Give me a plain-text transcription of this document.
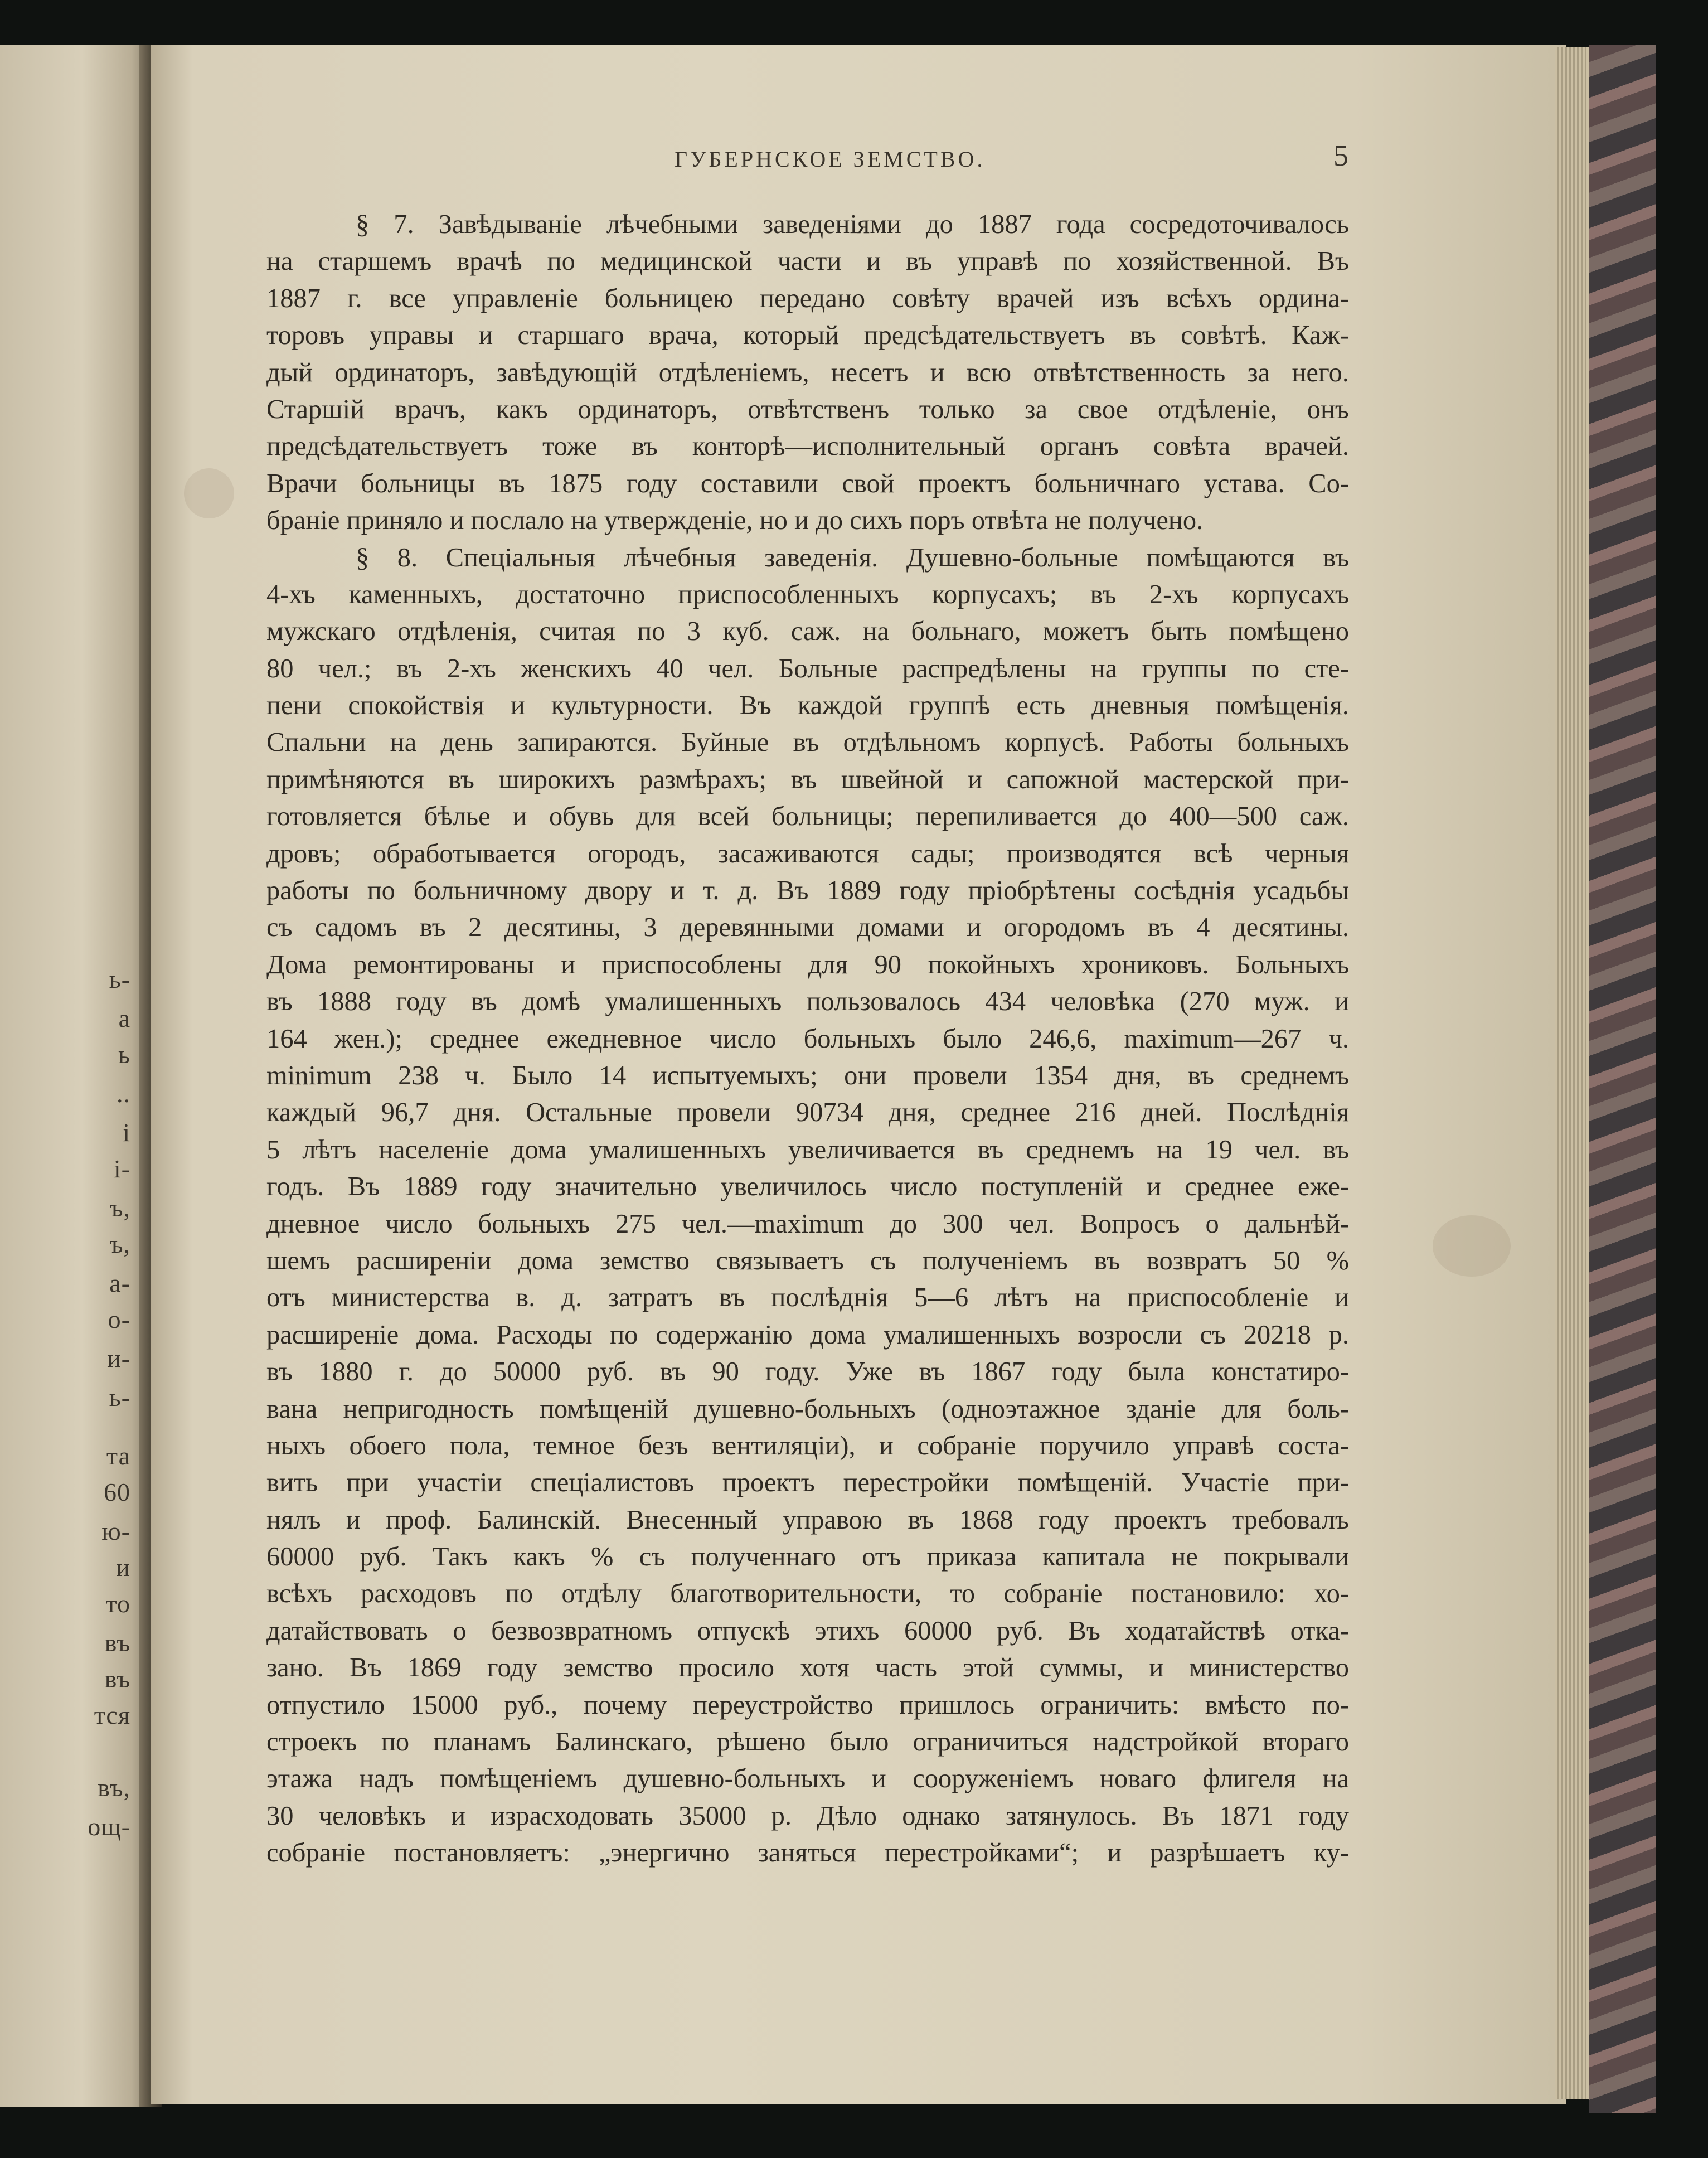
ь-
а
ь
..
і
і-
ъ,
ъ,
а-
о-
и-
ь-
та
60
ю-
и
то
въ
въ
тся
въ,
ощ-
ГУБЕРНСКОЕ ЗЕМСТВО.	5
§ 7. Завѣдываніе лѣчебными заведеніями до 1887 года сосредоточивалось
на старшемъ врачѣ по медицинской части и въ управѣ по хозяйственной. Въ
1887 г. все управленіе больницею передано совѣту врачей изъ всѣхъ ордина-
торовъ управы и старшаго врача, который предсѣдательствуетъ въ совѣтѣ. Каж-
дый ординаторъ, завѣдующій отдѣленіемъ, несетъ и всю отвѣтственность за него.
Старшій врачъ, какъ ординаторъ, отвѣтственъ только за свое отдѣленіе, онъ
предсѣдательствуетъ тоже въ конторѣ—исполнительный органъ совѣта врачей.
Врачи больницы въ 1875 году составили свой проектъ больничнаго устава. Со-
браніе приняло и послало на утвержденіе, но и до сихъ поръ отвѣта не получено.
§ 8. Спеціальныя лѣчебныя заведенія. Душевно-больные помѣщаются въ
4-хъ каменныхъ, достаточно приспособленныхъ корпусахъ; въ 2-хъ корпусахъ
мужскаго отдѣленія, считая по 3 куб. саж. на больнаго, можетъ быть помѣщено
80 чел.; въ 2-хъ женскихъ 40 чел. Больные распредѣлены на группы по сте-
пени спокойствія и культурности. Въ каждой группѣ есть дневныя помѣщенія.
Спальни на день запираются. Буйные въ отдѣльномъ корпусѣ. Работы больныхъ
примѣняются въ широкихъ размѣрахъ; въ швейной и сапожной мастерской при-
готовляется бѣлье и обувь для всей больницы; перепиливается до 400—500 саж.
дровъ; обработывается огородъ, засаживаются сады; производятся всѣ черныя
работы по больничному двору и т. д. Въ 1889 году пріобрѣтены сосѣднія усадьбы
съ садомъ въ 2 десятины, 3 деревянными домами и огородомъ въ 4 десятины.
Дома ремонтированы и приспособлены для 90 покойныхъ хрониковъ. Больныхъ
въ 1888 году въ домѣ умалишенныхъ пользовалось 434 человѣка (270 муж. и
164 жен.); среднее ежедневное число больныхъ было 246,6, maximum—267 ч.
minimum 238 ч. Было 14 испытуемыхъ; они провели 1354 дня, въ среднемъ
каждый 96,7 дня. Остальные провели 90734 дня, среднее 216 дней. Послѣднія
5 лѣтъ населеніе дома умалишенныхъ увеличивается въ среднемъ на 19 чел. въ
годъ. Въ 1889 году значительно увеличилось число поступленій и среднее еже-
дневное число больныхъ 275 чел.—maximum до 300 чел. Вопросъ о дальнѣй-
шемъ расширеніи дома земство связываетъ съ полученіемъ въ возвратъ 50 %
отъ министерства в. д. затратъ въ послѣднія 5—6 лѣтъ на приспособленіе и
расширеніе дома. Расходы по содержанію дома умалишенныхъ возросли съ 20218 р.
въ 1880 г. до 50000 руб. въ 90 году. Уже въ 1867 году была констатиро-
вана непригодность помѣщеній душевно-больныхъ (одноэтажное зданіе для боль-
ныхъ обоего пола, темное безъ вентиляціи), и собраніе поручило управѣ соста-
вить при участіи спеціалистовъ проектъ перестройки помѣщеній. Участіе при-
нялъ и проф. Балинскій. Внесенный управою въ 1868 году проектъ требовалъ
60000 руб. Такъ какъ % съ полученнаго отъ приказа капитала не покрывали
всѣхъ расходовъ по отдѣлу благотворительности, то собраніе постановило: хо-
датайствовать о безвозвратномъ отпускѣ этихъ 60000 руб. Въ ходатайствѣ отка-
зано. Въ 1869 году земство просило хотя часть этой суммы, и министерство
отпустило 15000 руб., почему переустройство пришлось ограничить: вмѣсто по-
строекъ по планамъ Балинскаго, рѣшено было ограничиться надстройкой втораго
этажа надъ помѣщеніемъ душевно-больныхъ и сооруженіемъ новаго флигеля на
30 человѣкъ и израсходовать 35000 р. Дѣло однако затянулось. Въ 1871 году
собраніе постановляетъ: „энергично заняться перестройками“; и разрѣшаетъ ку-
